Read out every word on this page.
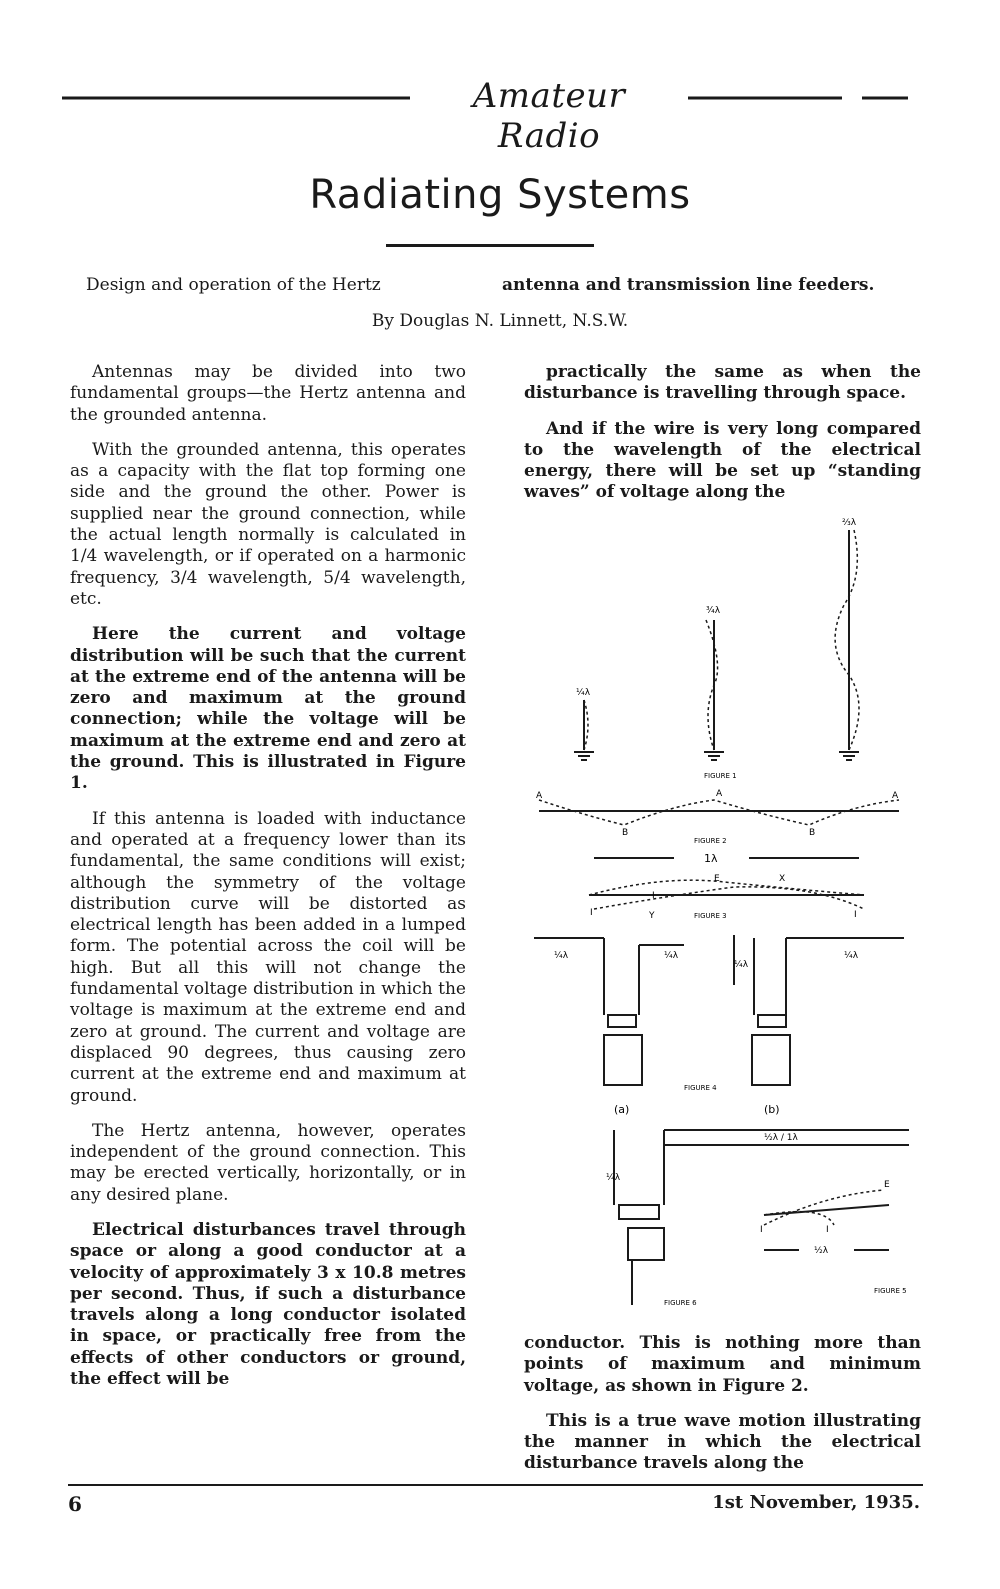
Amateur Radio
Radiating Systems
Design and operation of the Hertz	antenna and transmission line feeders.
By Douglas N. Linnett, N.S.W.

Antennas may be divided into two fundamental groups—the Hertz antenna and the grounded antenna.

With the grounded antenna, this operates as a capacity with the flat top forming one side and the ground the other. Power is supplied near the ground connection, while the actual length normally is calculated in 1/4 wavelength, or if operated on a harmonic frequency, 3/4 wavelength, 5/4 wavelength, etc.

Here the current and voltage distribution will be such that the current at the extreme end of the antenna will be zero and maximum at the ground connection; while the voltage will be maximum at the extreme end and zero at the ground. This is illustrated in Figure 1.

If this antenna is loaded with inductance and operated at a frequency lower than its fundamental, the same conditions will exist; although the symmetry of the voltage distribution curve will be distorted as electrical length has been added in a lumped form. The potential across the coil will be high. But all this will not change the fundamental voltage distribution in which the voltage is maximum at the extreme end and zero at ground. The current and voltage are displaced 90 degrees, thus causing zero current at the extreme end and maximum at ground.

The Hertz antenna, however, operates independent of the ground connection. This may be erected vertically, horizontally, or in any desired plane.

Electrical disturbances travel through space or along a good conductor at a velocity of approximately 3 x 10.8 metres per second. Thus, if such a disturbance travels along a long conductor isolated in space, or practically free from the effects of other conductors or ground, the effect will be

practically the same as when the disturbance is travelling through space.

And if the wire is very long compared to the wavelength of the electrical energy, there will be set up “standing waves” of voltage along the

¼λ
¾λ
⅔λ
FIGURE 1
A	A	A
B	B
FIGURE 2
1λ
E	X
I
I	Y	I
FIGURE 3
¼λ	¼λ
¼λ
¼λ
(a)	(b)
FIGURE 4
¼λ
½λ / 1λ
FIGURE 6
E
I	I
½λ
FIGURE 5

conductor. This is nothing more than points of maximum and minimum voltage, as shown in Figure 2.

This is a true wave motion illustrating the manner in which the electrical disturbance travels along the

6	1st November, 1935.
